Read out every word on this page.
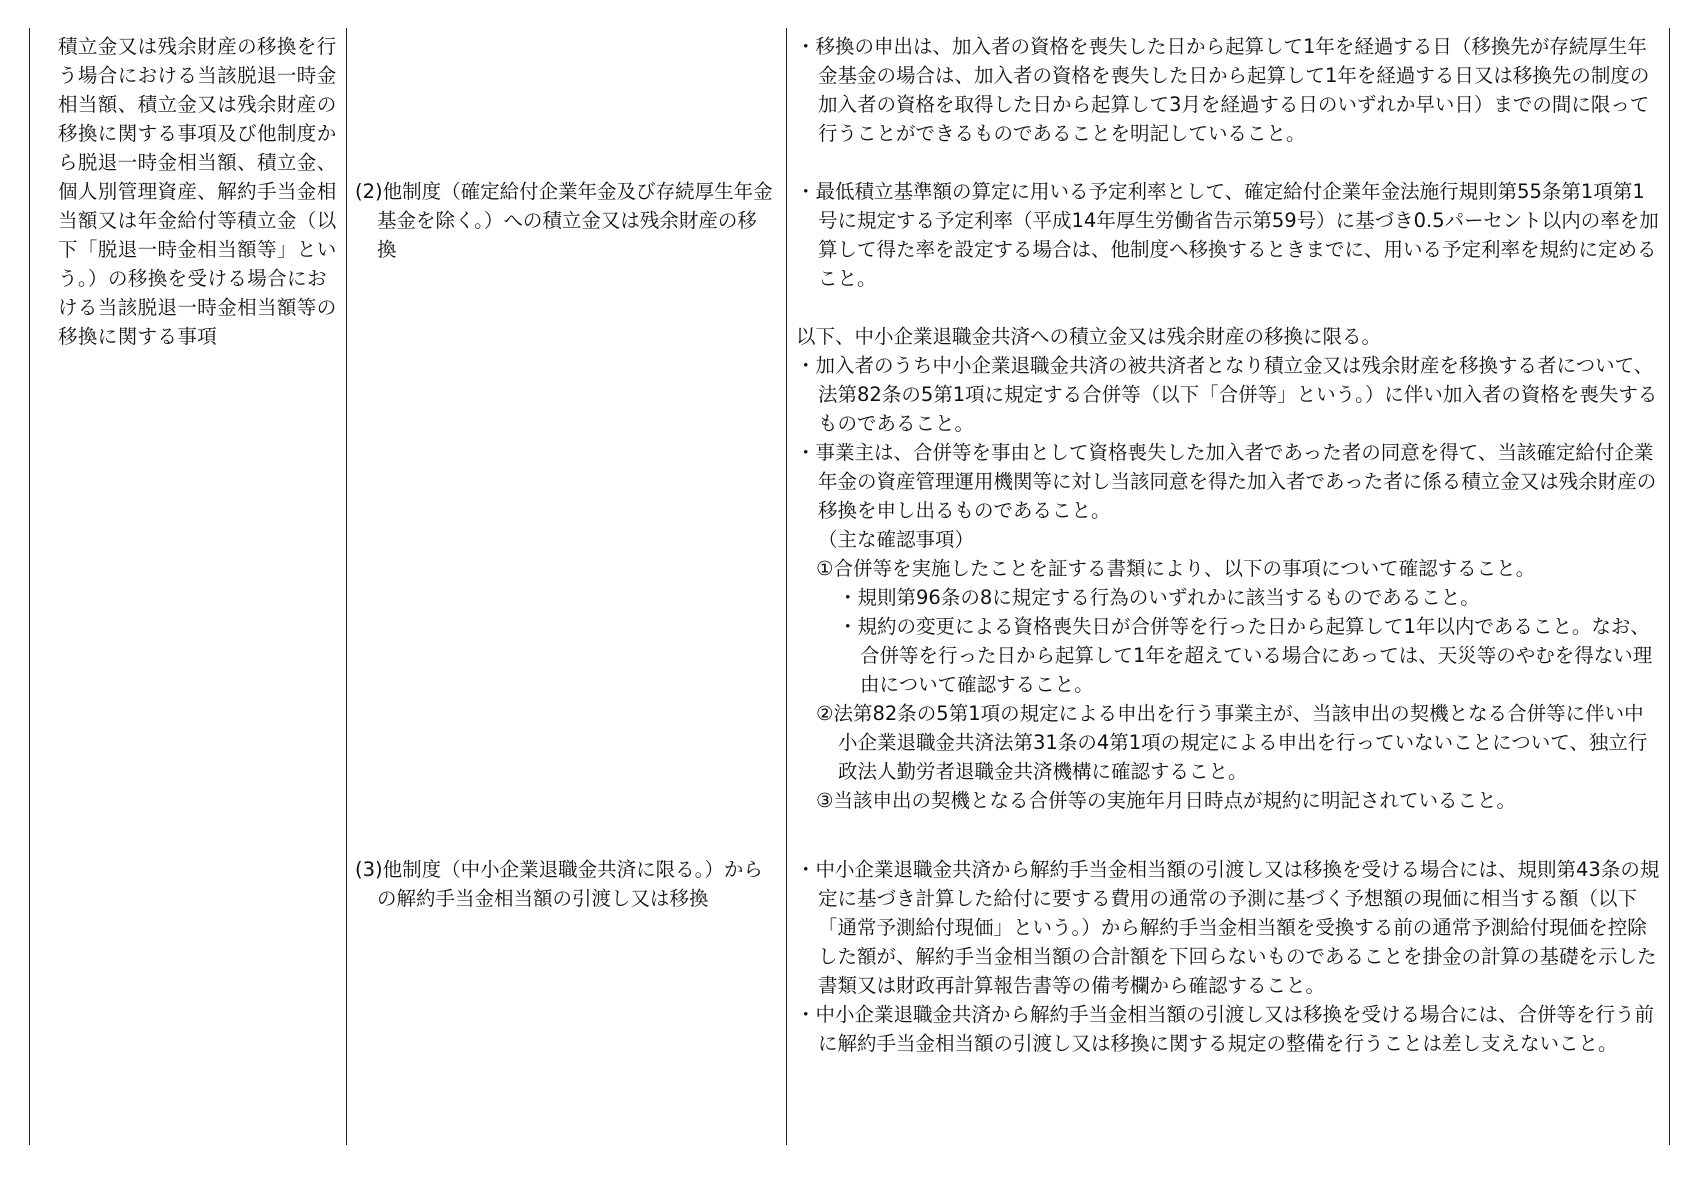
積立金又は残余財産の移換を行う場合における当該脱退一時金相当額、積立金又は残余財産の移換に関する事項及び他制度から脱退一時金相当額、積立金、個人別管理資産、解約手当金相当額又は年金給付等積立金（以下「脱退一時金相当額等」という。）の移換を受ける場合における当該脱退一時金相当額等の移換に関する事項

(2)他制度（確定給付企業年金及び存続厚生年金基金を除く。）への積立金又は残余財産の移換

(3)他制度（中小企業退職金共済に限る。）からの解約手当金相当額の引渡し又は移換

・移換の申出は、加入者の資格を喪失した日から起算して1年を経過する日（移換先が存続厚生年金基金の場合は、加入者の資格を喪失した日から起算して1年を経過する日又は移換先の制度の加入者の資格を取得した日から起算して3月を経過する日のいずれか早い日）までの間に限って行うことができるものであることを明記していること。

・最低積立基準額の算定に用いる予定利率として、確定給付企業年金法施行規則第55条第1項第1号に規定する予定利率（平成14年厚生労働省告示第59号）に基づき0.5パーセント以内の率を加算して得た率を設定する場合は、他制度へ移換するときまでに、用いる予定利率を規約に定めること。

以下、中小企業退職金共済への積立金又は残余財産の移換に限る。

・加入者のうち中小企業退職金共済の被共済者となり積立金又は残余財産を移換する者について、法第82条の5第1項に規定する合併等（以下「合併等」という。）に伴い加入者の資格を喪失するものであること。

・事業主は、合併等を事由として資格喪失した加入者であった者の同意を得て、当該確定給付企業年金の資産管理運用機関等に対し当該同意を得た加入者であった者に係る積立金又は残余財産の移換を申し出るものであること。

（主な確認事項）

①合併等を実施したことを証する書類により、以下の事項について確認すること。

・規則第96条の8に規定する行為のいずれかに該当するものであること。

・規約の変更による資格喪失日が合併等を行った日から起算して1年以内であること。なお、合併等を行った日から起算して1年を超えている場合にあっては、天災等のやむを得ない理由について確認すること。

②法第82条の5第1項の規定による申出を行う事業主が、当該申出の契機となる合併等に伴い中小企業退職金共済法第31条の4第1項の規定による申出を行っていないことについて、独立行政法人勤労者退職金共済機構に確認すること。

③当該申出の契機となる合併等の実施年月日時点が規約に明記されていること。

・中小企業退職金共済から解約手当金相当額の引渡し又は移換を受ける場合には、規則第43条の規定に基づき計算した給付に要する費用の通常の予測に基づく予想額の現価に相当する額（以下「通常予測給付現価」という。）から解約手当金相当額を受換する前の通常予測給付現価を控除した額が、解約手当金相当額の合計額を下回らないものであることを掛金の計算の基礎を示した書類又は財政再計算報告書等の備考欄から確認すること。

・中小企業退職金共済から解約手当金相当額の引渡し又は移換を受ける場合には、合併等を行う前に解約手当金相当額の引渡し又は移換に関する規定の整備を行うことは差し支えないこと。
